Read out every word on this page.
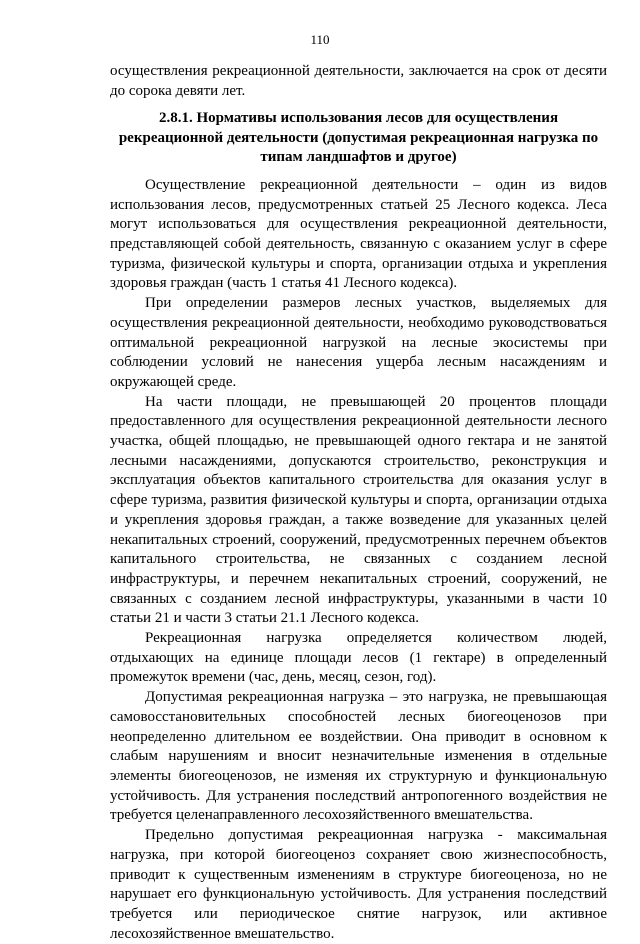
110

осуществления рекреационной деятельности, заключается на срок от десяти до сорока девяти лет.

2.8.1. Нормативы использования лесов для осуществления рекреационной деятельности (допустимая рекреационная нагрузка по типам ландшафтов и другое)

Осуществление рекреационной деятельности – один из видов использования лесов, предусмотренных статьей 25 Лесного кодекса. Леса могут использоваться для осуществления рекреационной деятельности, представляющей собой деятельность, связанную с оказанием услуг в сфере туризма, физической культуры и спорта, организации отдыха и укрепления здоровья граждан (часть 1 статья 41 Лесного кодекса).

При определении размеров лесных участков, выделяемых для осуществления рекреационной деятельности, необходимо руководствоваться оптимальной рекреационной нагрузкой на лесные экосистемы при соблюдении условий не нанесения ущерба лесным насаждениям и окружающей среде.

На части площади, не превышающей 20 процентов площади предоставленного для осуществления рекреационной деятельности лесного участка, общей площадью, не превышающей одного гектара и не занятой лесными насаждениями, допускаются строительство, реконструкция и эксплуатация объектов капитального строительства для оказания услуг в сфере туризма, развития физической культуры и спорта, организации отдыха и укрепления здоровья граждан, а также возведение для указанных целей некапитальных строений, сооружений, предусмотренных перечнем объектов капитального строительства, не связанных с созданием лесной инфраструктуры, и перечнем некапитальных строений, сооружений, не связанных с созданием лесной инфраструктуры, указанными в части 10 статьи 21 и части 3 статьи 21.1 Лесного кодекса.

Рекреационная нагрузка определяется количеством людей, отдыхающих на единице площади лесов (1 гектаре) в определенный промежуток времени (час, день, месяц, сезон, год).

Допустимая рекреационная нагрузка – это нагрузка, не превышающая самовосстановительных способностей лесных биогеоценозов при неопределенно длительном ее воздействии. Она приводит в основном к слабым нарушениям и вносит незначительные изменения в отдельные элементы биогеоценозов, не изменяя их структурную и функциональную устойчивость. Для устранения последствий антропогенного воздействия не требуется целенаправленного лесохозяйственного вмешательства.

Предельно допустимая рекреационная нагрузка - максимальная нагрузка, при которой биогеоценоз сохраняет свою жизнеспособность, приводит к существенным изменениям в структуре биогеоценоза, но не нарушает его функциональную устойчивость. Для устранения последствий требуется или периодическое снятие нагрузок, или активное лесохозяйственное вмешательство.
